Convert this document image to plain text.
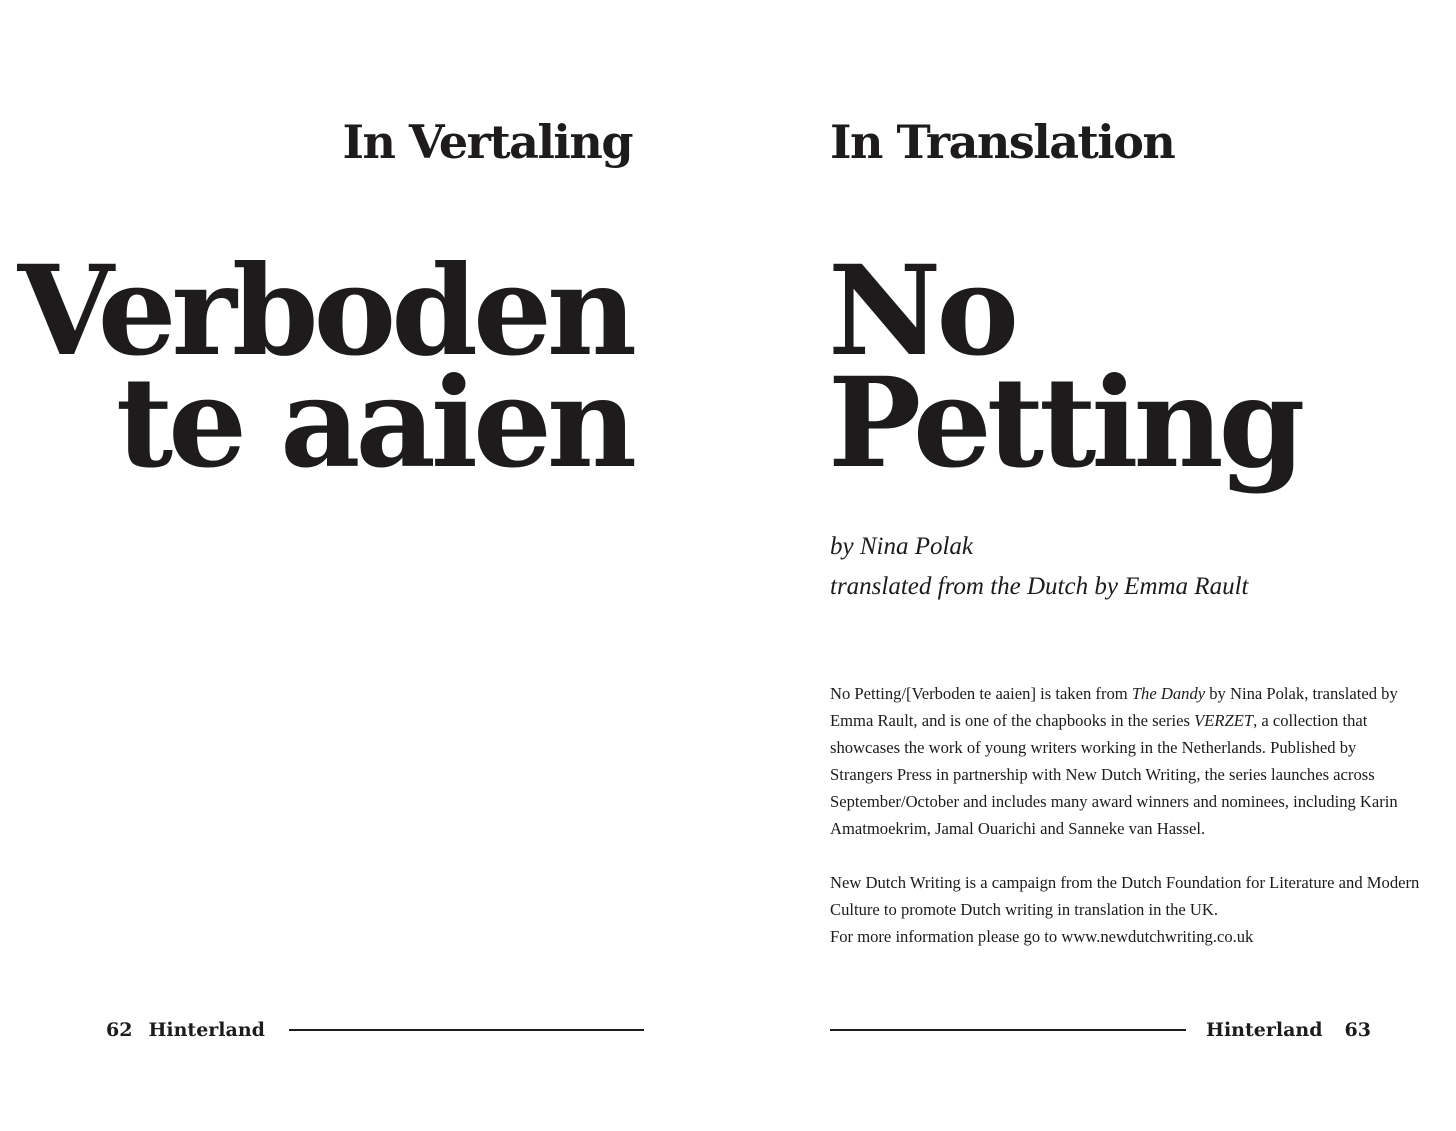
In Vertaling
Verboden
te aaien
62 Hinterland
In Translation
No
Petting
by Nina Polak
translated from the Dutch by Emma Rault

No Petting/[Verboden te aaien] is taken from The Dandy by Nina Polak, translated by Emma Rault, and is one of the chapbooks in the series VERZET, a collection that showcases the work of young writers working in the Netherlands. Published by Strangers Press in partnership with New Dutch Writing, the series launches across September/October and includes many award winners and nominees, including Karin Amatmoekrim, Jamal Ouarichi and Sanneke van Hassel.

New Dutch Writing is a campaign from the Dutch Foundation for Literature and Modern Culture to promote Dutch writing in translation in the UK.
For more information please go to www.newdutchwriting.co.uk

Hinterland 63
